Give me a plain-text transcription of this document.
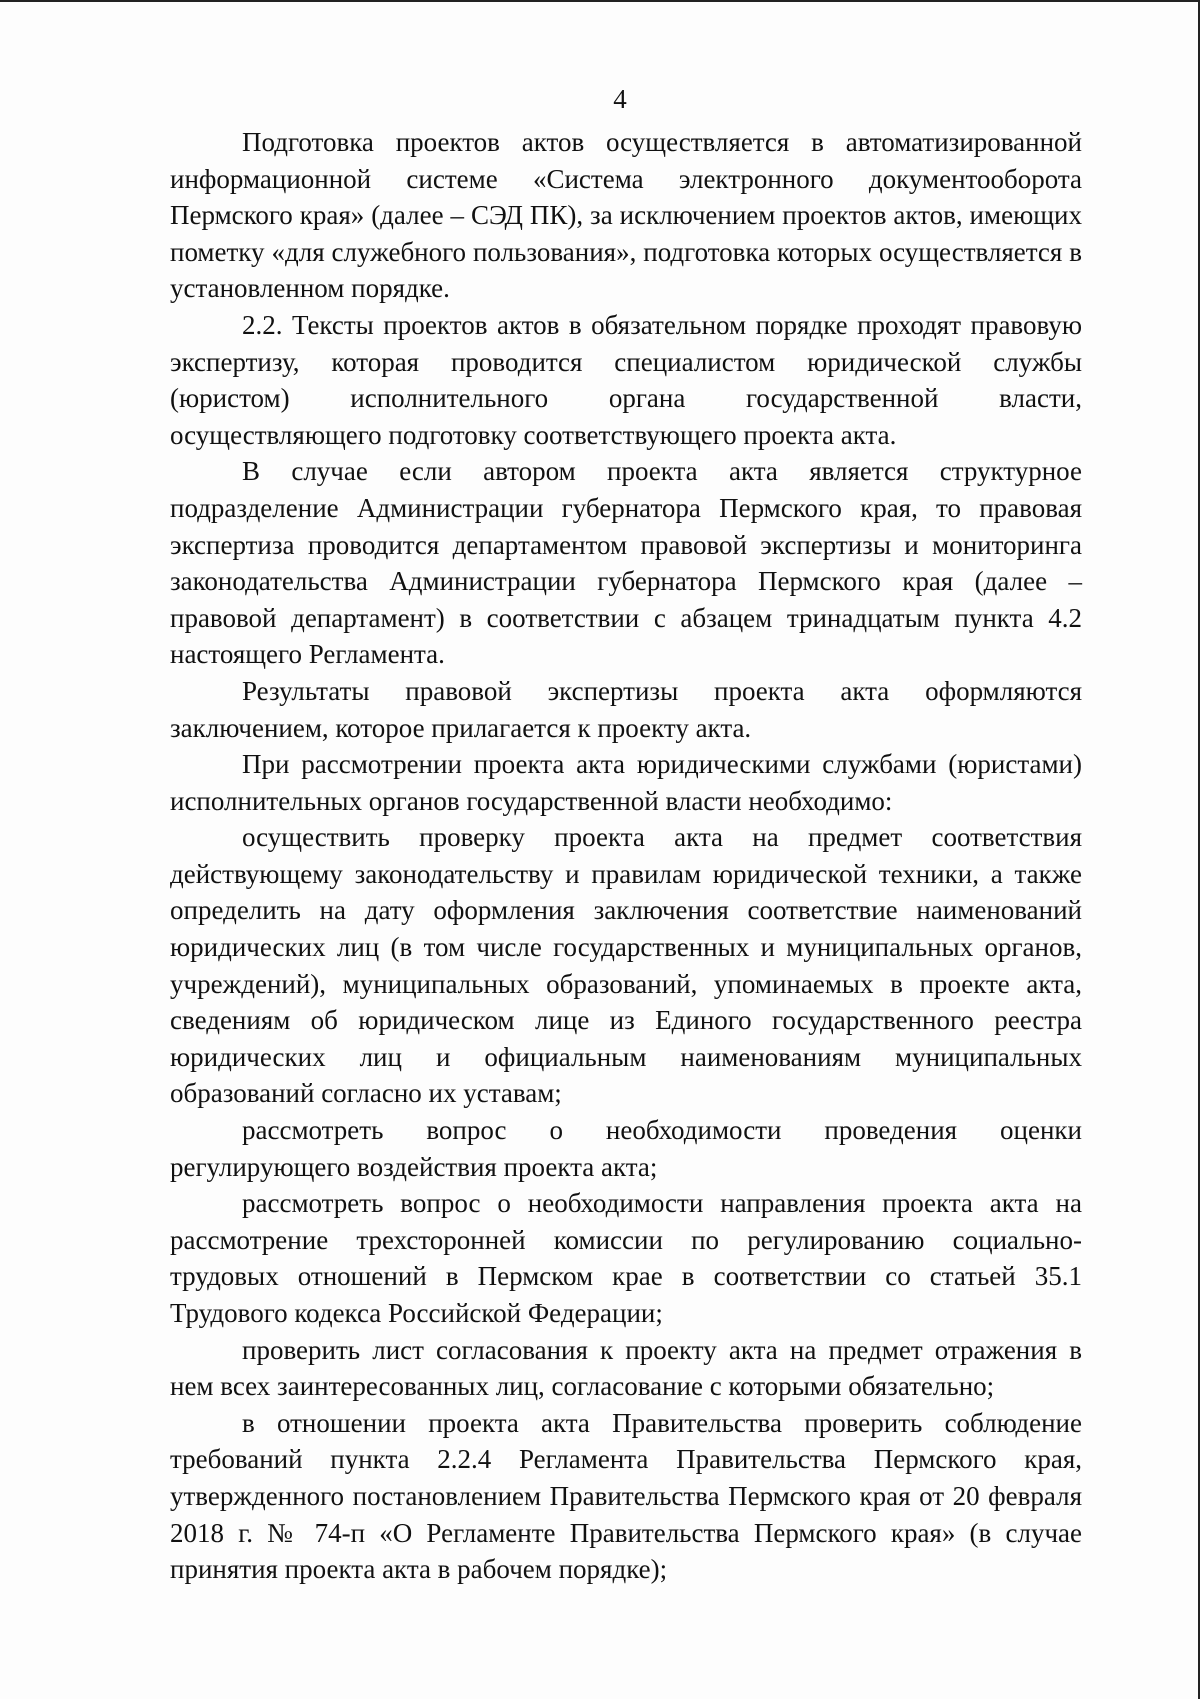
4

Подготовка проектов актов осуществляется в автоматизированной информационной системе «Система электронного документооборота Пермского края» (далее – СЭД ПК), за исключением проектов актов, имеющих пометку «для служебного пользования», подготовка которых осуществляется в установленном порядке.

2.2. Тексты проектов актов в обязательном порядке проходят правовую экспертизу, которая проводится специалистом юридической службы (юристом) исполнительного органа государственной власти, осуществляющего подготовку соответствующего проекта акта.

В случае если автором проекта акта является структурное подразделение Администрации губернатора Пермского края, то правовая экспертиза проводится департаментом правовой экспертизы и мониторинга законодательства Администрации губернатора Пермского края (далее – правовой департамент) в соответствии с абзацем тринадцатым пункта 4.2 настоящего Регламента.

Результаты правовой экспертизы проекта акта оформляются заключением, которое прилагается к проекту акта.

При рассмотрении проекта акта юридическими службами (юристами) исполнительных органов государственной власти необходимо:

осуществить проверку проекта акта на предмет соответствия действующему законодательству и правилам юридической техники, а также определить на дату оформления заключения соответствие наименований юридических лиц (в том числе государственных и муниципальных органов, учреждений), муниципальных образований, упоминаемых в проекте акта, сведениям об юридическом лице из Единого государственного реестра юридических лиц и официальным наименованиям муниципальных образований согласно их уставам;

рассмотреть вопрос о необходимости проведения оценки регулирующего воздействия проекта акта;

рассмотреть вопрос о необходимости направления проекта акта на рассмотрение трехсторонней комиссии по регулированию социально-трудовых отношений в Пермском крае в соответствии со статьей 35.1 Трудового кодекса Российской Федерации;

проверить лист согласования к проекту акта на предмет отражения в нем всех заинтересованных лиц, согласование с которыми обязательно;

в отношении проекта акта Правительства проверить соблюдение требований пункта 2.2.4 Регламента Правительства Пермского края, утвержденного постановлением Правительства Пермского края от 20 февраля 2018 г. № 74-п «О Регламенте Правительства Пермского края» (в случае принятия проекта акта в рабочем порядке);
